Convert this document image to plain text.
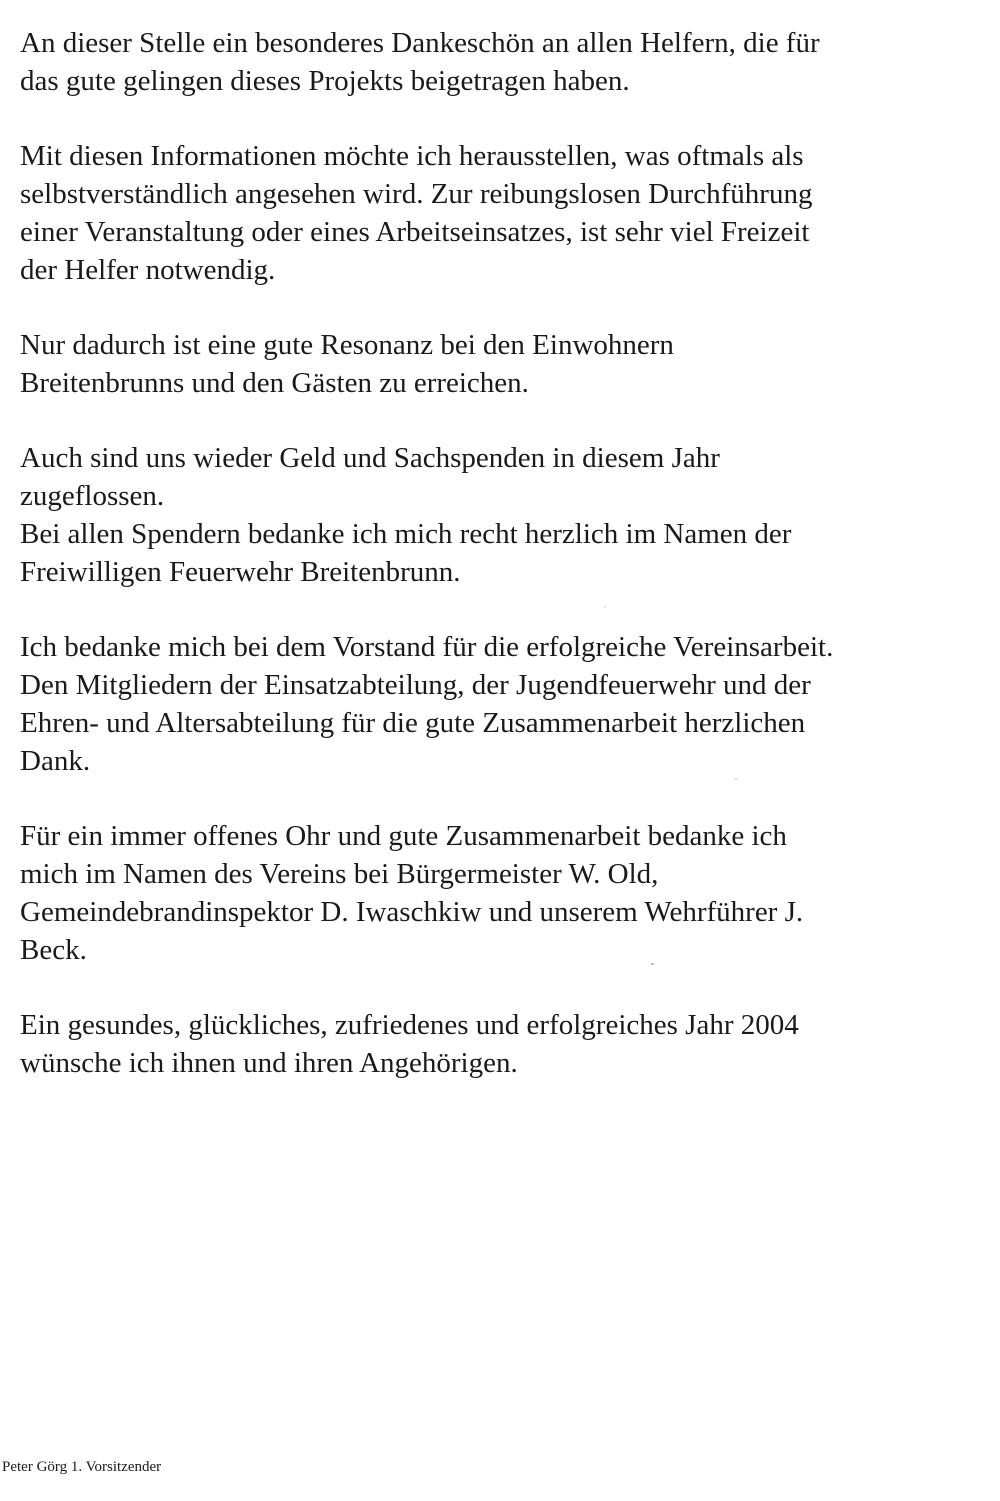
An dieser Stelle ein besonderes Dankeschön an allen Helfern, die für
das gute gelingen dieses Projekts beigetragen haben.

Mit diesen Informationen möchte ich herausstellen, was oftmals als
selbstverständlich angesehen wird. Zur reibungslosen Durchführung
einer Veranstaltung oder eines Arbeitseinsatzes, ist sehr viel Freizeit
der Helfer notwendig.

Nur dadurch ist eine gute Resonanz bei den Einwohnern
Breitenbrunns und den Gästen zu erreichen.

Auch sind uns wieder Geld und Sachspenden in diesem Jahr
zugeflossen.
Bei allen Spendern bedanke ich mich recht herzlich im Namen der
Freiwilligen Feuerwehr Breitenbrunn.

Ich bedanke mich bei dem Vorstand für die erfolgreiche Vereinsarbeit.
Den Mitgliedern der Einsatzabteilung, der Jugendfeuerwehr und der
Ehren- und Altersabteilung für die gute Zusammenarbeit herzlichen
Dank.

Für ein immer offenes Ohr und gute Zusammenarbeit bedanke ich
mich im Namen des Vereins bei Bürgermeister W. Old,
Gemeindebrandinspektor D. Iwaschkiw und unserem Wehrführer J.
Beck.

Ein gesundes, glückliches, zufriedenes und erfolgreiches Jahr 2004
wünsche ich ihnen und ihren Angehörigen.

Peter Görg 1. Vorsitzender
